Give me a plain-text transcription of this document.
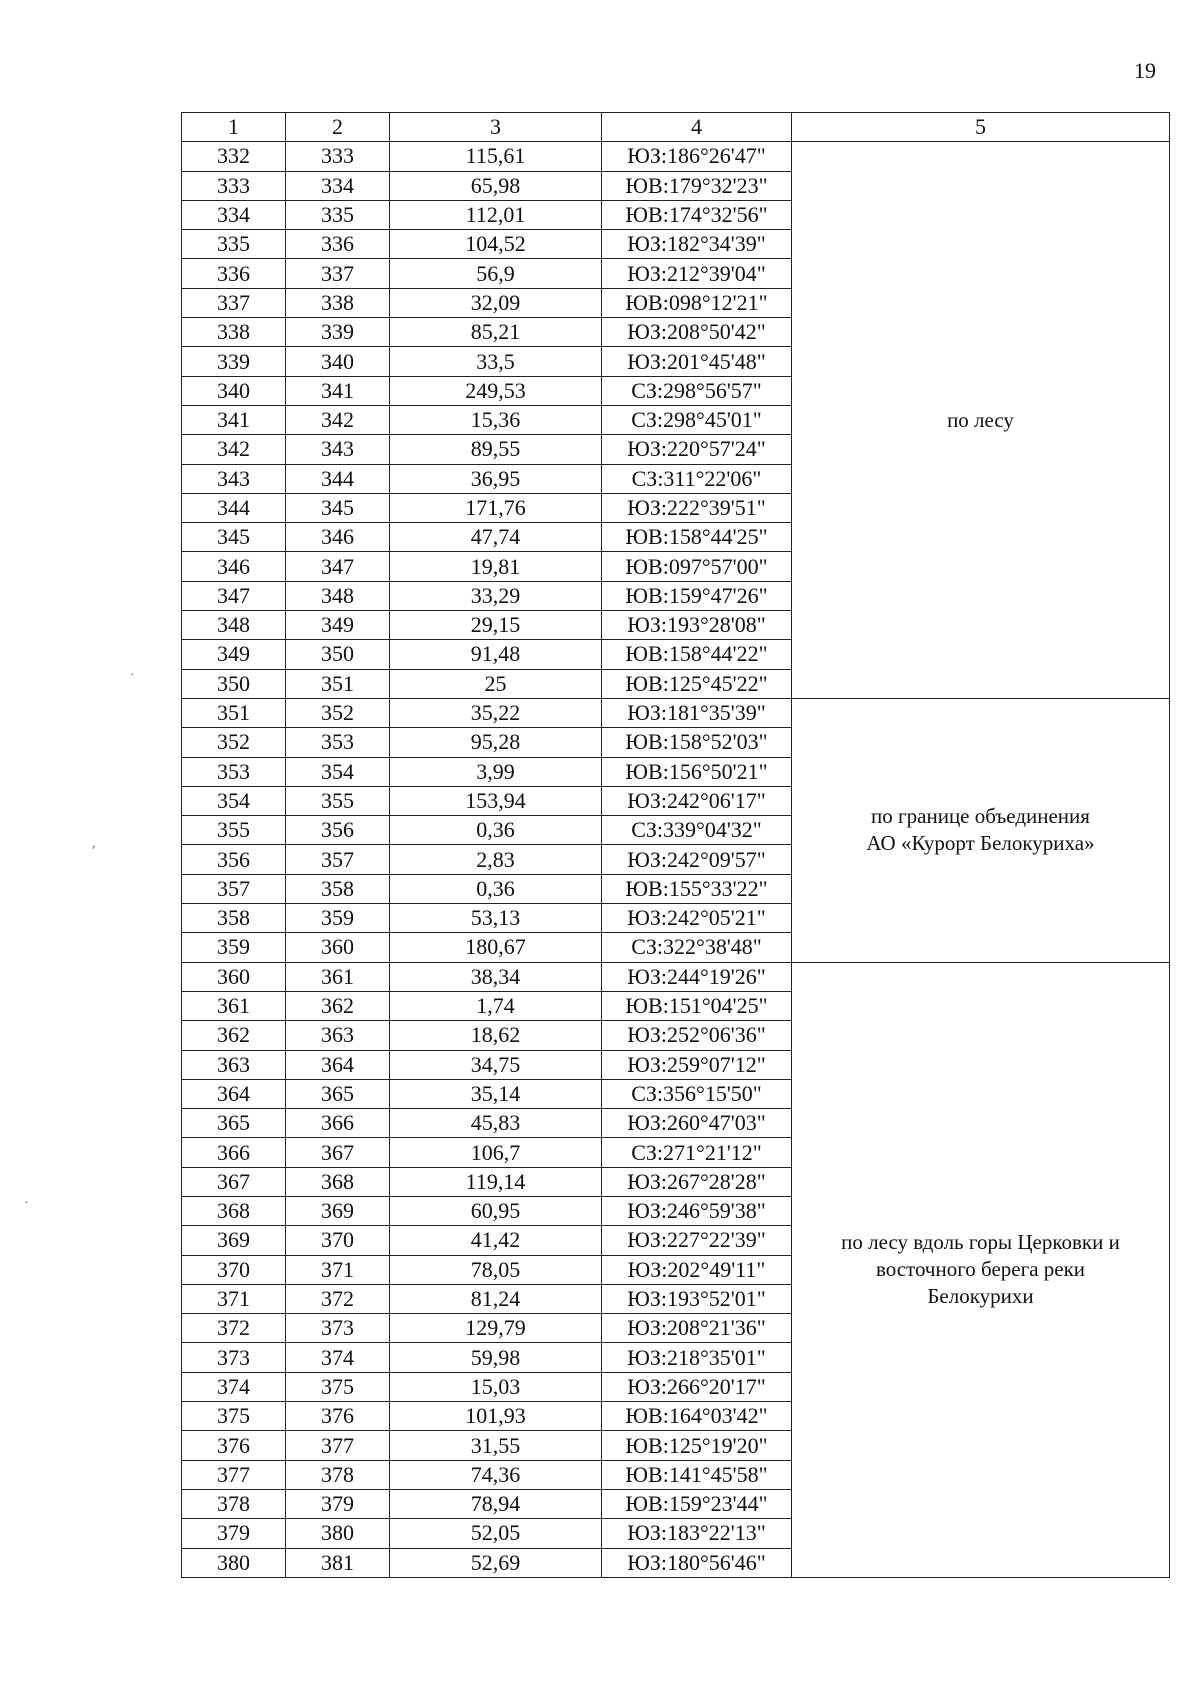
19
·
,
·
1	2	3	4	5
332	333	115,61	ЮЗ:186°26'47"	по лесу

333	334	65,98	ЮВ:179°32'23"	
334	335	112,01	ЮВ:174°32'56"	
335	336	104,52	ЮЗ:182°34'39"	
336	337	56,9	ЮЗ:212°39'04"	
337	338	32,09	ЮВ:098°12'21"	
338	339	85,21	ЮЗ:208°50'42"	
339	340	33,5	ЮЗ:201°45'48"	
340	341	249,53	СЗ:298°56'57"	
341	342	15,36	СЗ:298°45'01"	
342	343	89,55	ЮЗ:220°57'24"	
343	344	36,95	СЗ:311°22'06"	
344	345	171,76	ЮЗ:222°39'51"	
345	346	47,74	ЮВ:158°44'25"	
346	347	19,81	ЮВ:097°57'00"	
347	348	33,29	ЮВ:159°47'26"	
348	349	29,15	ЮЗ:193°28'08"	
349	350	91,48	ЮВ:158°44'22"	
350	351	25	ЮВ:125°45'22"	
351	352	35,22	ЮЗ:181°35'39"	по границе объединения
АО «Курорт Белокуриха»

352	353	95,28	ЮВ:158°52'03"	
353	354	3,99	ЮВ:156°50'21"	
354	355	153,94	ЮЗ:242°06'17"	
355	356	0,36	СЗ:339°04'32"	
356	357	2,83	ЮЗ:242°09'57"	
357	358	0,36	ЮВ:155°33'22"	
358	359	53,13	ЮЗ:242°05'21"	
359	360	180,67	СЗ:322°38'48"	
360	361	38,34	ЮЗ:244°19'26"	по лесу вдоль горы Церковки и
восточного берега реки
Белокурихи

361	362	1,74	ЮВ:151°04'25"	
362	363	18,62	ЮЗ:252°06'36"	
363	364	34,75	ЮЗ:259°07'12"	
364	365	35,14	СЗ:356°15'50"	
365	366	45,83	ЮЗ:260°47'03"	
366	367	106,7	СЗ:271°21'12"	
367	368	119,14	ЮЗ:267°28'28"	
368	369	60,95	ЮЗ:246°59'38"	
369	370	41,42	ЮЗ:227°22'39"	
370	371	78,05	ЮЗ:202°49'11"	
371	372	81,24	ЮЗ:193°52'01"	
372	373	129,79	ЮЗ:208°21'36"	
373	374	59,98	ЮЗ:218°35'01"	
374	375	15,03	ЮЗ:266°20'17"	
375	376	101,93	ЮВ:164°03'42"	
376	377	31,55	ЮВ:125°19'20"	
377	378	74,36	ЮВ:141°45'58"	
378	379	78,94	ЮВ:159°23'44"	
379	380	52,05	ЮЗ:183°22'13"	
380	381	52,69	ЮЗ:180°56'46"	
